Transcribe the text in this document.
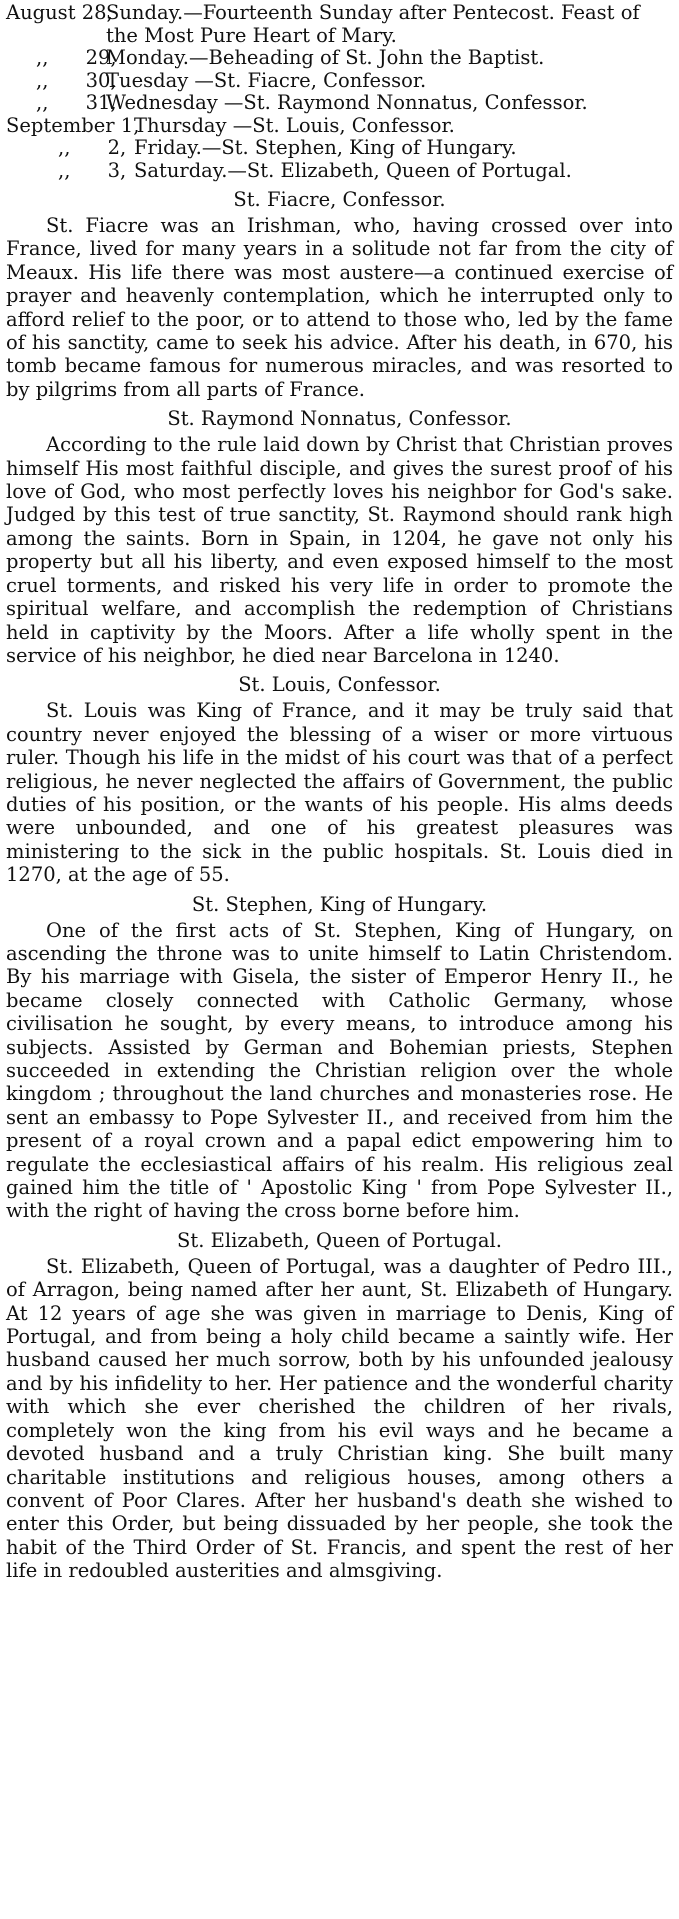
August 28,
Sunday.—Fourteenth Sunday after Pentecost. Feast of the Most Pure Heart of Mary.
,,      29,
Monday.—Beheading of St. John the Baptist.
,,      30,
Tuesday —St. Fiacre, Confessor.
,,      31,
Wednesday —St. Raymond Nonnatus, Confessor.
September 1,
Thursday —St. Louis, Confessor.
,,      2, Friday.—St. Stephen, King of Hungary.
,,      3, Saturday.—St. Elizabeth, Queen of Portugal.
St. Fiacre, Confessor.

St. Fiacre was an Irishman, who, having crossed over into France, lived for many years in a solitude not far from the city of Meaux. His life there was most austere—a continued exercise of prayer and heavenly contemplation, which he interrupted only to afford relief to the poor, or to attend to those who, led by the fame of his sanctity, came to seek his advice. After his death, in 670, his tomb became famous for numerous miracles, and was resorted to by pilgrims from all parts of France.

St. Raymond Nonnatus, Confessor.

According to the rule laid down by Christ that Christian proves himself His most faithful disciple, and gives the surest proof of his love of God, who most perfectly loves his neighbor for God's sake. Judged by this test of true sanctity, St. Raymond should rank high among the saints. Born in Spain, in 1204, he gave not only his property but all his liberty, and even exposed himself to the most cruel torments, and risked his very life in order to promote the spiritual welfare, and accomplish the redemption of Christians held in captivity by the Moors. After a life wholly spent in the service of his neighbor, he died near Barcelona in 1240.

St. Louis, Confessor.

St. Louis was King of France, and it may be truly said that country never enjoyed the blessing of a wiser or more virtuous ruler. Though his life in the midst of his court was that of a perfect religious, he never neglected the affairs of Government, the public duties of his position, or the wants of his people. His alms deeds were unbounded, and one of his greatest pleasures was ministering to the sick in the public hospitals. St. Louis died in 1270, at the age of 55.

St. Stephen, King of Hungary.

One of the first acts of St. Stephen, King of Hungary, on ascending the throne was to unite himself to Latin Christendom. By his marriage with Gisela, the sister of Emperor Henry II., he became closely connected with Catholic Germany, whose civilisation he sought, by every means, to introduce among his subjects. Assisted by German and Bohemian priests, Stephen succeeded in extending the Christian religion over the whole kingdom ; throughout the land churches and monasteries rose. He sent an embassy to Pope Sylvester II., and received from him the present of a royal crown and a papal edict empowering him to regulate the ecclesiastical affairs of his realm. His religious zeal gained him the title of ' Apostolic King ' from Pope Sylvester II., with the right of having the cross borne before him.

St. Elizabeth, Queen of Portugal.

St. Elizabeth, Queen of Portugal, was a daughter of Pedro III., of Arragon, being named after her aunt, St. Elizabeth of Hungary. At 12 years of age she was given in marriage to Denis, King of Portugal, and from being a holy child became a saintly wife. Her husband caused her much sorrow, both by his unfounded jealousy and by his infidelity to her. Her patience and the wonderful charity with which she ever cherished the children of her rivals, completely won the king from his evil ways and he became a devoted husband and a truly Christian king. She built many charitable institutions and religious houses, among others a convent of Poor Clares. After her husband's death she wished to enter this Order, but being dissuaded by her people, she took the habit of the Third Order of St. Francis, and spent the rest of her life in redoubled austerities and almsgiving.
